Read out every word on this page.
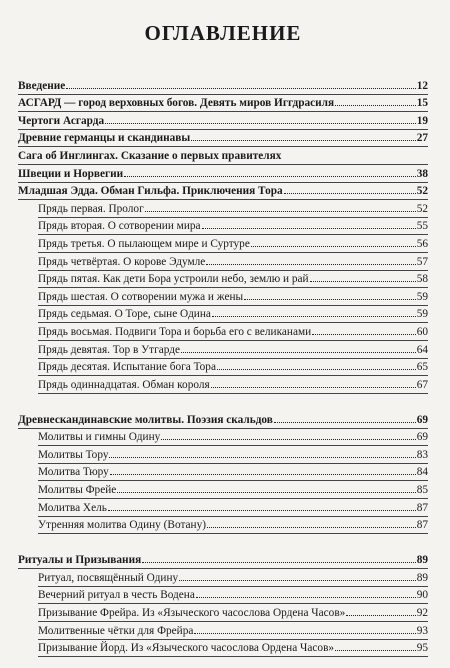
ОГЛАВЛЕНИЕ
Введение	12
АСГАРД — город верховных богов. Девять миров Иггдрасиля	15
Чертоги Асгарда	19
Древние германцы и скандинавы	27
Сага об Инглингах. Сказание о первых правителях
Швеции и Норвегии	38
Младшая Эдда. Обман Гильфа. Приключения Тора	52
Прядь первая. Пролог	52
Прядь вторая. О сотворении мира	55
Прядь третья. О пылающем мире и Суртуре	56
Прядь четвёртая. О корове Эдумле	57
Прядь пятая. Как дети Бора устроили небо, землю и рай	58
Прядь шестая. О сотворении мужа и жены	59
Прядь седьмая. О Торе, сыне Одина	59
Прядь восьмая. Подвиги Тора и борьба его с великанами	60
Прядь девятая. Тор в Утгарде	64
Прядь десятая. Испытание бога Тора	65
Прядь одиннадцатая. Обман короля	67
Древнескандинавские молитвы. Поэзия скальдов	69
Молитвы и гимны Одину	69
Молитвы Тору	83
Молитва Тюру	84
Молитвы Фрейе	85
Молитва Хель	87
Утренняя молитва Одину (Вотану)	87
Ритуалы и Призывания	89
Ритуал, посвящённый Одину	89
Вечерний ритуал в честь Водена	90
Призывание Фрейра. Из «Языческого часослова Ордена Часов»	92
Молитвенные чётки для Фрейра	93
Призывание Йорд. Из «Языческого часослова Ордена Часов»	95
